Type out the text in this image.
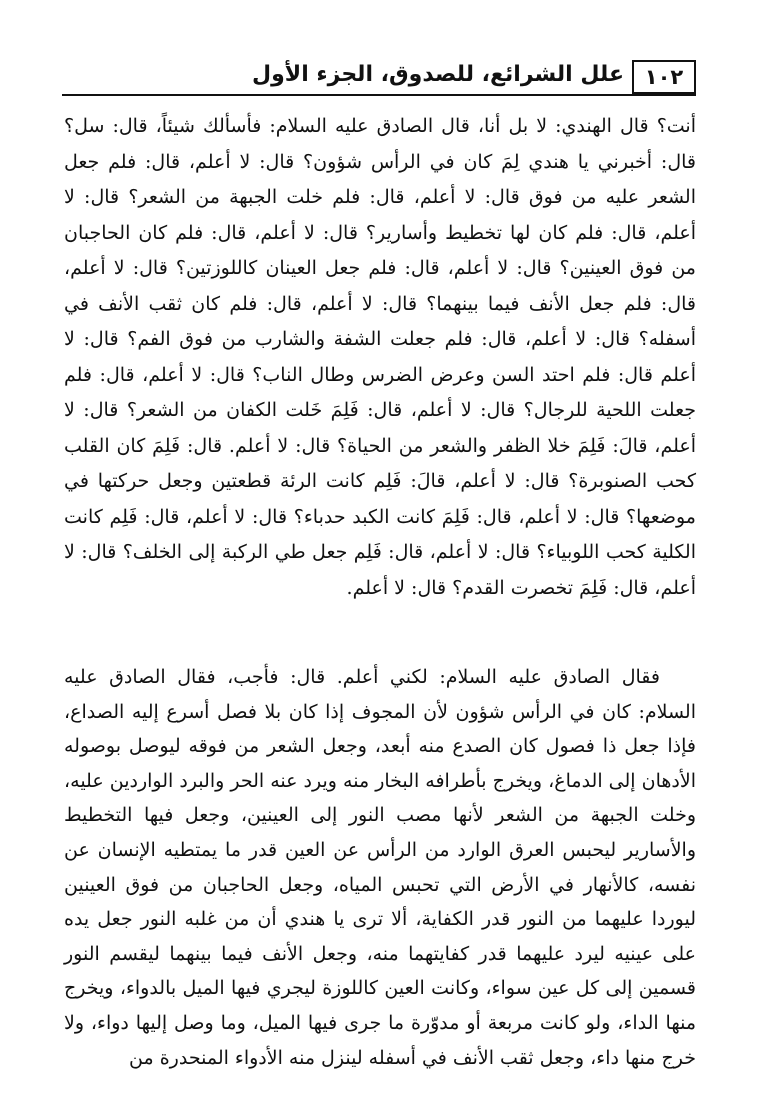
١٠٢
علل الشرائع، للصدوق، الجزء الأول

أنت؟ قال الهندي: لا بل أنا، قال الصادق عليه السلام: فأسألك شيئاً، قال: سل؟ قال: أخبرني يا هندي لِمَ كان في الرأس شؤون؟ قال: لا أعلم، قال: فلم جعل الشعر عليه من فوق قال: لا أعلم، قال: فلم خلت الجبهة من الشعر؟ قال: لا أعلم، قال: فلم كان لها تخطيط وأسارير؟ قال: لا أعلم، قال: فلم كان الحاجبان من فوق العينين؟ قال: لا أعلم، قال: فلم جعل العينان كاللوزتين؟ قال: لا أعلم، قال: فلم جعل الأنف فيما بينهما؟ قال: لا أعلم، قال: فلم كان ثقب الأنف في أسفله؟ قال: لا أعلم، قال: فلم جعلت الشفة والشارب من فوق الفم؟ قال: لا أعلم قال: فلم احتد السن وعرض الضرس وطال الناب؟ قال: لا أعلم، قال: فلم جعلت اللحية للرجال؟ قال: لا أعلم، قال: فَلِمَ خَلت الكفان من الشعر؟ قال: لا أعلم، قالَ: فَلِمَ خلا الظفر والشعر من الحياة؟ قال: لا أعلم. قال: فَلِمَ كان القلب كحب الصنوبرة؟ قال: لا أعلم، قالَ: فَلِم كانت الرئة قطعتين وجعل حركتها في موضعها؟ قال: لا أعلم، قال: فَلِمَ كانت الكبد حدباء؟ قال: لا أعلم، قال: فَلِم كانت الكلية كحب اللوبياء؟ قال: لا أعلم، قال: فَلِم جعل طي الركبة إلى الخلف؟ قال: لا أعلم، قال: فَلِمَ تخصرت القدم؟ قال: لا أعلم.

فقال الصادق عليه السلام: لكني أعلم. قال: فأجب، فقال الصادق عليه السلام: كان في الرأس شؤون لأن المجوف إذا كان بلا فصل أسرع إليه الصداع، فإذا جعل ذا فصول كان الصدع منه أبعد، وجعل الشعر من فوقه ليوصل بوصوله الأدهان إلى الدماغ، ويخرج بأطرافه البخار منه ويرد عنه الحر والبرد الواردين عليه، وخلت الجبهة من الشعر لأنها مصب النور إلى العينين، وجعل فيها التخطيط والأسارير ليحبس العرق الوارد من الرأس عن العين قدر ما يمتطيه الإنسان عن نفسه، كالأنهار في الأرض التي تحبس المياه، وجعل الحاجبان من فوق العينين ليوردا عليهما من النور قدر الكفاية، ألا ترى يا هندي أن من غلبه النور جعل يده على عينيه ليرد عليهما قدر كفايتهما منه، وجعل الأنف فيما بينهما ليقسم النور قسمين إلى كل عين سواء، وكانت العين كاللوزة ليجري فيها الميل بالدواء، ويخرج منها الداء، ولو كانت مربعة أو مدوّرة ما جرى فيها الميل، وما وصل إليها دواء، ولا خرج منها داء، وجعل ثقب الأنف في أسفله لينزل منه الأدواء المنحدرة من
